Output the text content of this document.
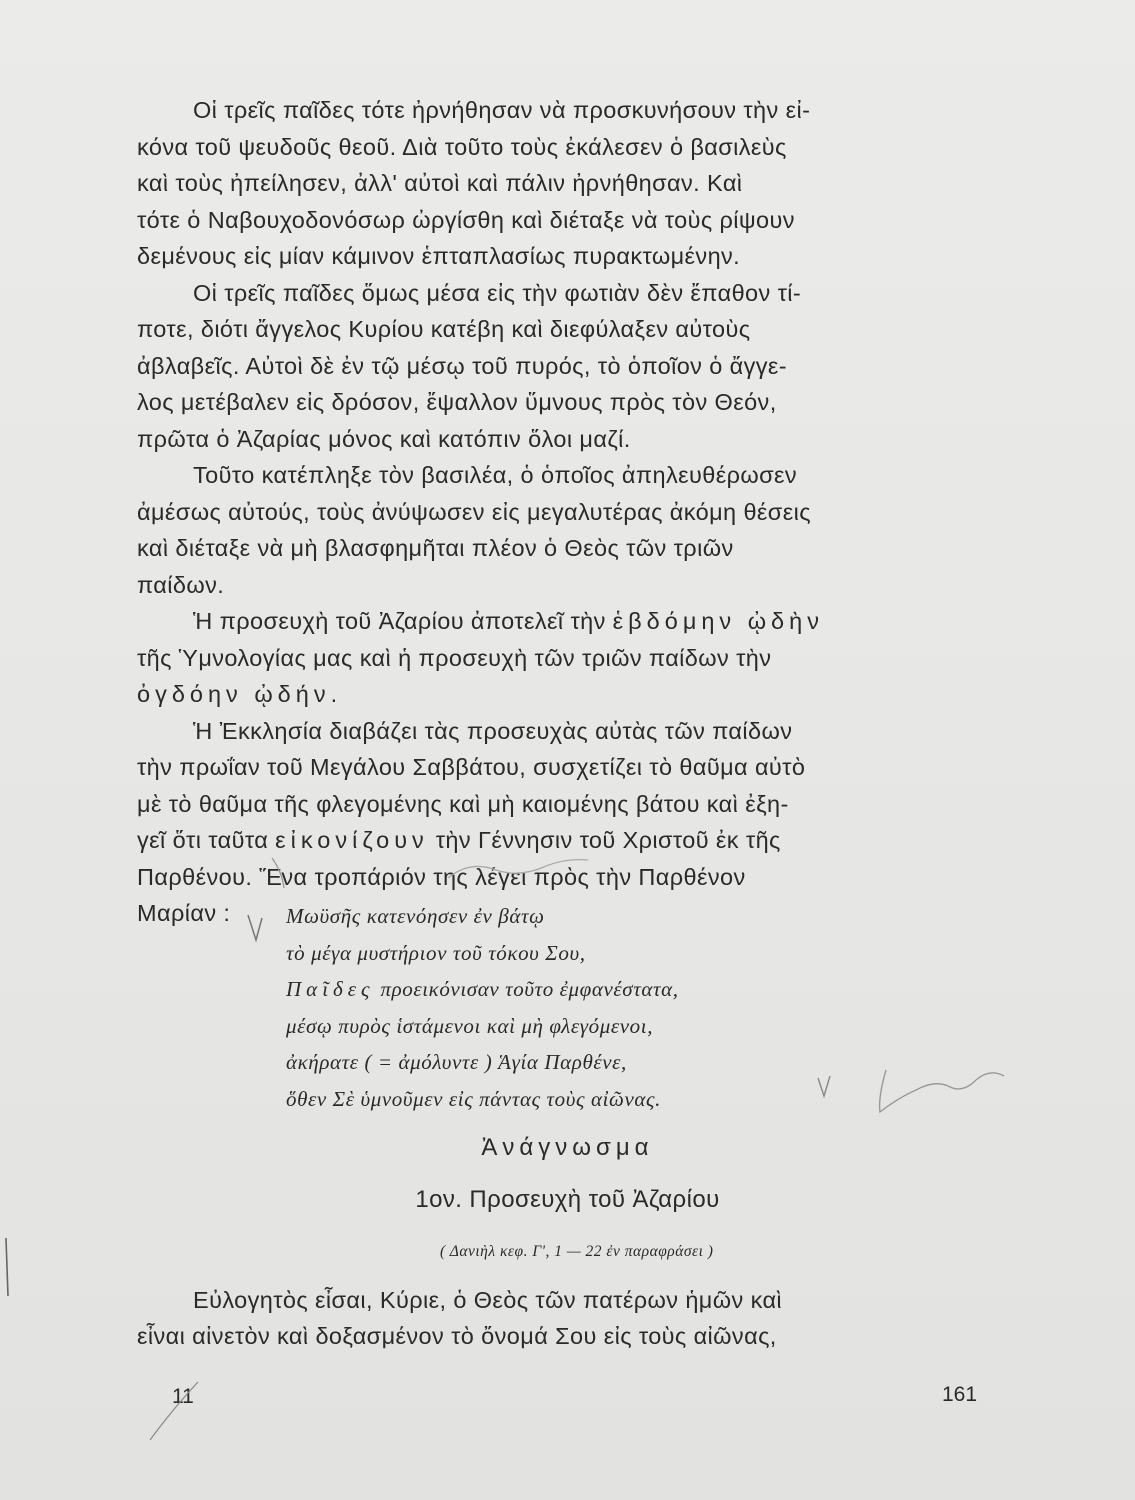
Οἱ τρεῖς παῖδες τότε ἠρνήθησαν νὰ προσκυνήσουν τὴν εἰ-
κόνα τοῦ ψευδοῦς θεοῦ. Διὰ τοῦτο τοὺς ἐκάλεσεν ὁ βασιλεὺς
καὶ τοὺς ἠπείλησεν, ἀλλ' αὐτοὶ καὶ πάλιν ἠρνήθησαν. Καὶ
τότε ὁ Ναβουχοδονόσωρ ὠργίσθη καὶ διέταξε νὰ τοὺς ρίψουν
δεμένους εἰς μίαν κάμινον ἑπταπλασίως πυρακτωμένην.

Οἱ τρεῖς παῖδες ὅμως μέσα εἰς τὴν φωτιὰν δὲν ἔπαθον τί-
ποτε, διότι ἄγγελος Κυρίου κατέβη καὶ διεφύλαξεν αὐτοὺς
ἀβλαβεῖς. Αὐτοὶ δὲ ἐν τῷ μέσῳ τοῦ πυρός, τὸ ὁποῖον ὁ ἄγγε-
λος μετέβαλεν εἰς δρόσον, ἔψαλλον ὕμνους πρὸς τὸν Θεόν,
πρῶτα ὁ Ἀζαρίας μόνος καὶ κατόπιν ὅλοι μαζί.

Τοῦτο κατέπληξε τὸν βασιλέα, ὁ ὁποῖος ἀπηλευθέρωσεν
ἀμέσως αὐτούς, τοὺς ἀνύψωσεν εἰς μεγαλυτέρας ἀκόμη θέσεις
καὶ διέταξε νὰ μὴ βλασφημῆται πλέον ὁ Θεὸς τῶν τριῶν
παίδων.

Ἡ προσευχὴ τοῦ Ἀζαρίου ἀποτελεῖ τὴν ἑβδόμην ᾠδὴν
τῆς Ὑμνολογίας μας καὶ ἡ προσευχὴ τῶν τριῶν παίδων τὴν
ὀγδόην ᾠδήν.

Ἡ Ἐκκλησία διαβάζει τὰς προσευχὰς αὐτὰς τῶν παίδων
τὴν πρωΐαν τοῦ Μεγάλου Σαββάτου, συσχετίζει τὸ θαῦμα αὐτὸ
μὲ τὸ θαῦμα τῆς φλεγομένης καὶ μὴ καιομένης βάτου καὶ ἐξη-
γεῖ ὅτι ταῦτα εἰκονίζουν τὴν Γέννησιν τοῦ Χριστοῦ ἐκ τῆς
Παρθένου. Ἕνα τροπάριόν της λέγει πρὸς τὴν Παρθένον
Μαρίαν :	Μωϋσῆς κατενόησεν ἐν βάτῳ
τὸ μέγα μυστήριον τοῦ τόκου Σου,
Παῖδες προεικόνισαν τοῦτο ἐμφανέστατα,
μέσῳ πυρὸς ἱστάμενοι καὶ μὴ φλεγόμενοι,
ἀκήρατε ( = ἀμόλυντε ) Ἁγία Παρθένε,
ὅθεν Σὲ ὑμνοῦμεν εἰς πάντας τοὺς αἰῶνας.
Ἀνάγνωσμα
1ον. Προσευχὴ τοῦ Ἀζαρίου
( Δανιὴλ κεφ. Γ', 1 — 22 ἐν παραφράσει )
Εὐλογητὸς εἶσαι, Κύριε, ὁ Θεὸς τῶν πατέρων ἡμῶν καὶ
εἶναι αἰνετὸν καὶ δοξασμένον τὸ ὄνομά Σου εἰς τοὺς αἰῶνας,
11	161
